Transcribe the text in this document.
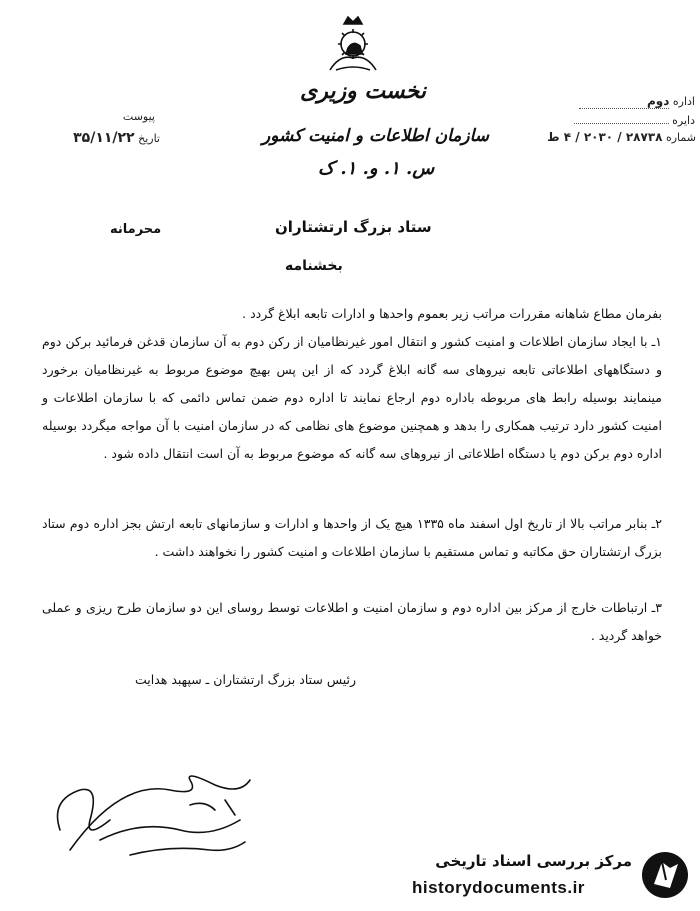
نخست وزیری
سازمان اطلاعات و امنیت کشور
س. ۱. و. ۱. ک
اداره دوم
دایره
شماره ۲۸۷۳۸ / ۲۰۳۰ / ۴ ط
پیوست
تاریخ ۳۵/۱۱/۲۲
ستاد بزرگ ارتشتاران
محرمانه
بخشنامه
بفرمان مطاع شاهانه مقررات مراتب زیر بعموم واحدها و ادارات تابعه ابلاغ گردد .
۱ـ با ایجاد سازمان اطلاعات و امنیت کشور و انتقال امور غیرنظامیان از رکن دوم به آن سازمان قدغن فرمائید برکن دوم و دستگاههای اطلاعاتی تابعه نیروهای سه گانه ابلاغ گردد که از این پس بهیچ موضوع مربوط به غیرنظامیان برخورد مینمایند بوسیله رابط های مربوطه باداره دوم ارجاع نمایند تا اداره دوم ضمن تماس دائمی که با سازمان اطلاعات و امنیت کشور دارد ترتیب همکاری را بدهد و همچنین موضوع های نظامی که در سازمان امنیت با آن مواجه میگردد بوسیله اداره دوم برکن دوم یا دستگاه اطلاعاتی از نیروهای سه گانه که موضوع مربوط به آن است انتقال داده شود .
۲ـ بنابر مراتب بالا از تاریخ اول اسفند ماه ۱۳۳۵ هیچ یک از واحدها و ادارات و سازمانهای تابعه ارتش بجز اداره دوم ستاد بزرگ ارتشتاران حق مکاتبه و تماس مستقیم با سازمان اطلاعات و امنیت کشور را نخواهند داشت .
۳ـ ارتباطات خارج از مرکز بین اداره دوم و سازمان امنیت و اطلاعات توسط روسای این دو سازمان طرح ریزی و عملی خواهد گردید .
رئیس ستاد بزرگ ارتشتاران ـ سپهبد هدایت
مرکز بررسی اسناد تاریخی
historydocuments.ir
